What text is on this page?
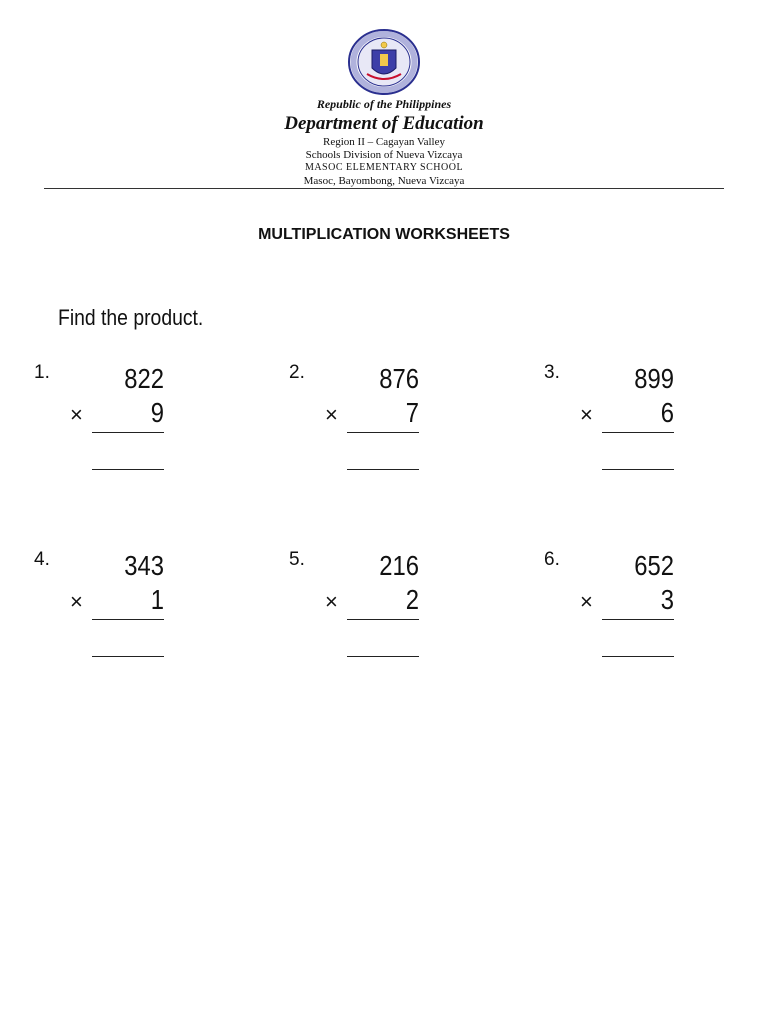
Republic of the Philippines
Department of Education
Region II – Cagayan Valley
Schools Division of Nueva Vizcaya
MASOC ELEMENTARY SCHOOL
Masoc, Bayombong, Nueva Vizcaya
MULTIPLICATION WORKSHEETS
Find the product.
1.	822
×	9
2.	876
×	7
3.	899
×	6
4.	343
×	1
5.	216
×	2
6.	652
×	3
